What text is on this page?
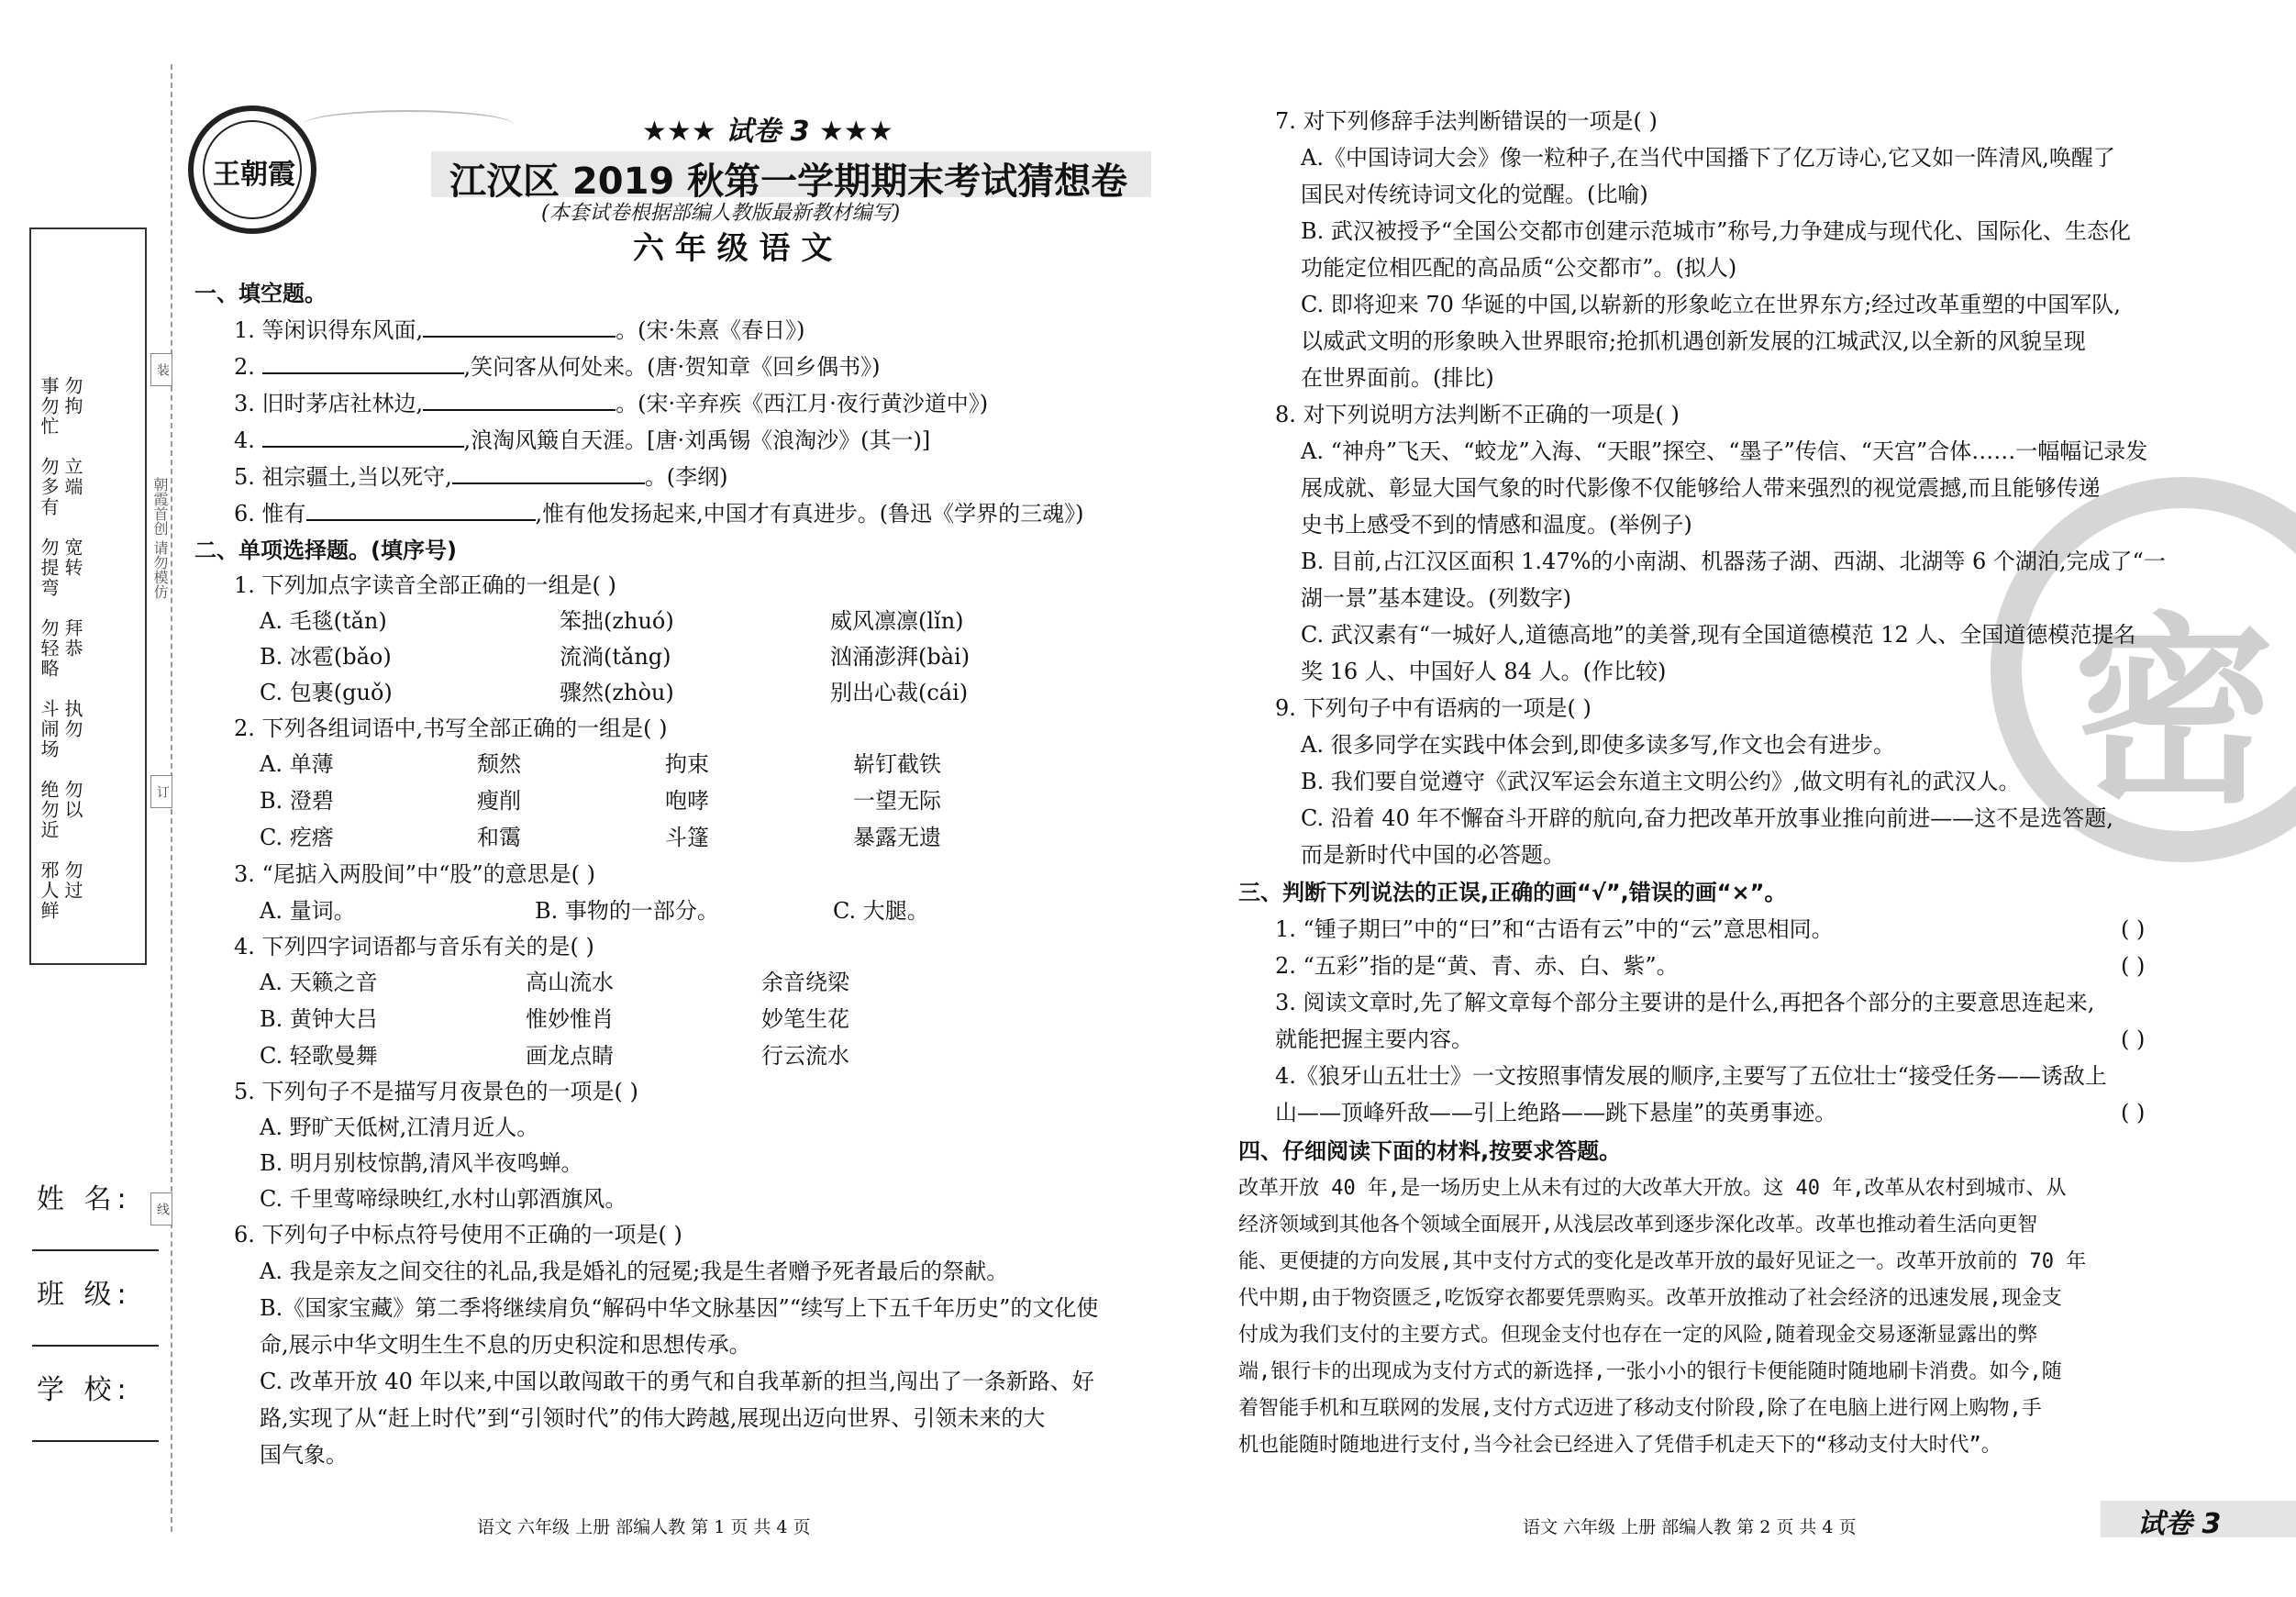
装
朝霞首创 请勿模仿
订
线
王朝霞
★★★ 试卷 3 ★★★
江汉区 2019 秋第一学期期末考试猜想卷
(本套试卷根据部编人教版最新教材编写)
六 年 级 语 文
事勿忙 勿拘
勿多有 立端
勿提弯 宽转
勿轻略 拜恭
斗闹场 执勿
绝勿近 勿以
邪人鲜 勿过
姓 名:
班 级:
学 校:
一、填空题。
1. 等闲识得东风面,	。(宋·朱熹《春日》)
2.	,笑问客从何处来。(唐·贺知章《回乡偶书》)
3. 旧时茅店社林边,	。(宋·辛弃疾《西江月·夜行黄沙道中》)
4.	,浪淘风簸自天涯。[唐·刘禹锡《浪淘沙》(其一)]
5. 祖宗疆土,当以死守,	。(李纲)
6. 惟有	,惟有他发扬起来,中国才有真进步。(鲁迅《学界的三魂》)
二、单项选择题。(填序号)
1. 下列加点字读音全部正确的一组是( )
A. 毛毯(tǎn)	笨拙(zhuó)	威风凛凛(lǐn)
B. 冰雹(bǎo)	流淌(tǎng)	汹涌澎湃(bài)
C. 包裹(guǒ)	骤然(zhòu)	别出心裁(cái)
2. 下列各组词语中,书写全部正确的一组是( )
A. 单薄	颓然	拘束	崭钉截铁
B. 澄碧	瘦削	咆哮	一望无际
C. 疙瘩	和霭	斗篷	暴露无遗
3. “尾掂入两股间”中“股”的意思是( )
A. 量词。	B. 事物的一部分。	C. 大腿。
4. 下列四字词语都与音乐有关的是( )
A. 天籁之音	高山流水	余音绕梁
B. 黄钟大吕	惟妙惟肖	妙笔生花
C. 轻歌曼舞	画龙点睛	行云流水
5. 下列句子不是描写月夜景色的一项是( )
A. 野旷天低树,江清月近人。
B. 明月别枝惊鹊,清风半夜鸣蝉。
C. 千里莺啼绿映红,水村山郭酒旗风。
6. 下列句子中标点符号使用不正确的一项是( )
A. 我是亲友之间交往的礼品,我是婚礼的冠冕;我是生者赠予死者最后的祭献。
B.《国家宝藏》第二季将继续肩负“解码中华文脉基因”“续写上下五千年历史”的文化使
命,展示中华文明生生不息的历史积淀和思想传承。
C. 改革开放 40 年以来,中国以敢闯敢干的勇气和自我革新的担当,闯出了一条新路、好
路,实现了从“赶上时代”到“引领时代”的伟大跨越,展现出迈向世界、引领未来的大
国气象。
语文 六年级 上册 部编人教 第 1 页 共 4 页
密
7. 对下列修辞手法判断错误的一项是( )
A.《中国诗词大会》像一粒种子,在当代中国播下了亿万诗心,它又如一阵清风,唤醒了
国民对传统诗词文化的觉醒。(比喻)
B. 武汉被授予“全国公交都市创建示范城市”称号,力争建成与现代化、国际化、生态化
功能定位相匹配的高品质“公交都市”。(拟人)
C. 即将迎来 70 华诞的中国,以崭新的形象屹立在世界东方;经过改革重塑的中国军队,
以威武文明的形象映入世界眼帘;抢抓机遇创新发展的江城武汉,以全新的风貌呈现
在世界面前。(排比)
8. 对下列说明方法判断不正确的一项是( )
A. “神舟”飞天、“蛟龙”入海、“天眼”探空、“墨子”传信、“天宫”合体……一幅幅记录发
展成就、彰显大国气象的时代影像不仅能够给人带来强烈的视觉震撼,而且能够传递
史书上感受不到的情感和温度。(举例子)
B. 目前,占江汉区面积 1.47%的小南湖、机器荡子湖、西湖、北湖等 6 个湖泊,完成了“一
湖一景”基本建设。(列数字)
C. 武汉素有“一城好人,道德高地”的美誉,现有全国道德模范 12 人、全国道德模范提名
奖 16 人、中国好人 84 人。(作比较)
9. 下列句子中有语病的一项是( )
A. 很多同学在实践中体会到,即使多读多写,作文也会有进步。
B. 我们要自觉遵守《武汉军运会东道主文明公约》,做文明有礼的武汉人。
C. 沿着 40 年不懈奋斗开辟的航向,奋力把改革开放事业推向前进——这不是选答题,
而是新时代中国的必答题。
三、判断下列说法的正误,正确的画“√”,错误的画“×”。
1. “锺子期曰”中的“曰”和“古语有云”中的“云”意思相同。	( )
2. “五彩”指的是“黄、青、赤、白、紫”。	( )
3. 阅读文章时,先了解文章每个部分主要讲的是什么,再把各个部分的主要意思连起来,
就能把握主要内容。	( )
4.《狼牙山五壮士》一文按照事情发展的顺序,主要写了五位壮士“接受任务——诱敌上
山——顶峰歼敌——引上绝路——跳下悬崖”的英勇事迹。	( )
四、仔细阅读下面的材料,按要求答题。
改革开放 40 年,是一场历史上从未有过的大改革大开放。这 40 年,改革从农村到城市、从
经济领域到其他各个领域全面展开,从浅层改革到逐步深化改革。改革也推动着生活向更智
能、更便捷的方向发展,其中支付方式的变化是改革开放的最好见证之一。改革开放前的 70 年
代中期,由于物资匮乏,吃饭穿衣都要凭票购买。改革开放推动了社会经济的迅速发展,现金支
付成为我们支付的主要方式。但现金支付也存在一定的风险,随着现金交易逐渐显露出的弊
端,银行卡的出现成为支付方式的新选择,一张小小的银行卡便能随时随地刷卡消费。如今,随
着智能手机和互联网的发展,支付方式迈进了移动支付阶段,除了在电脑上进行网上购物,手
机也能随时随地进行支付,当今社会已经进入了凭借手机走天下的“移动支付大时代”。
语文 六年级 上册 部编人教 第 2 页 共 4 页	试卷 3
